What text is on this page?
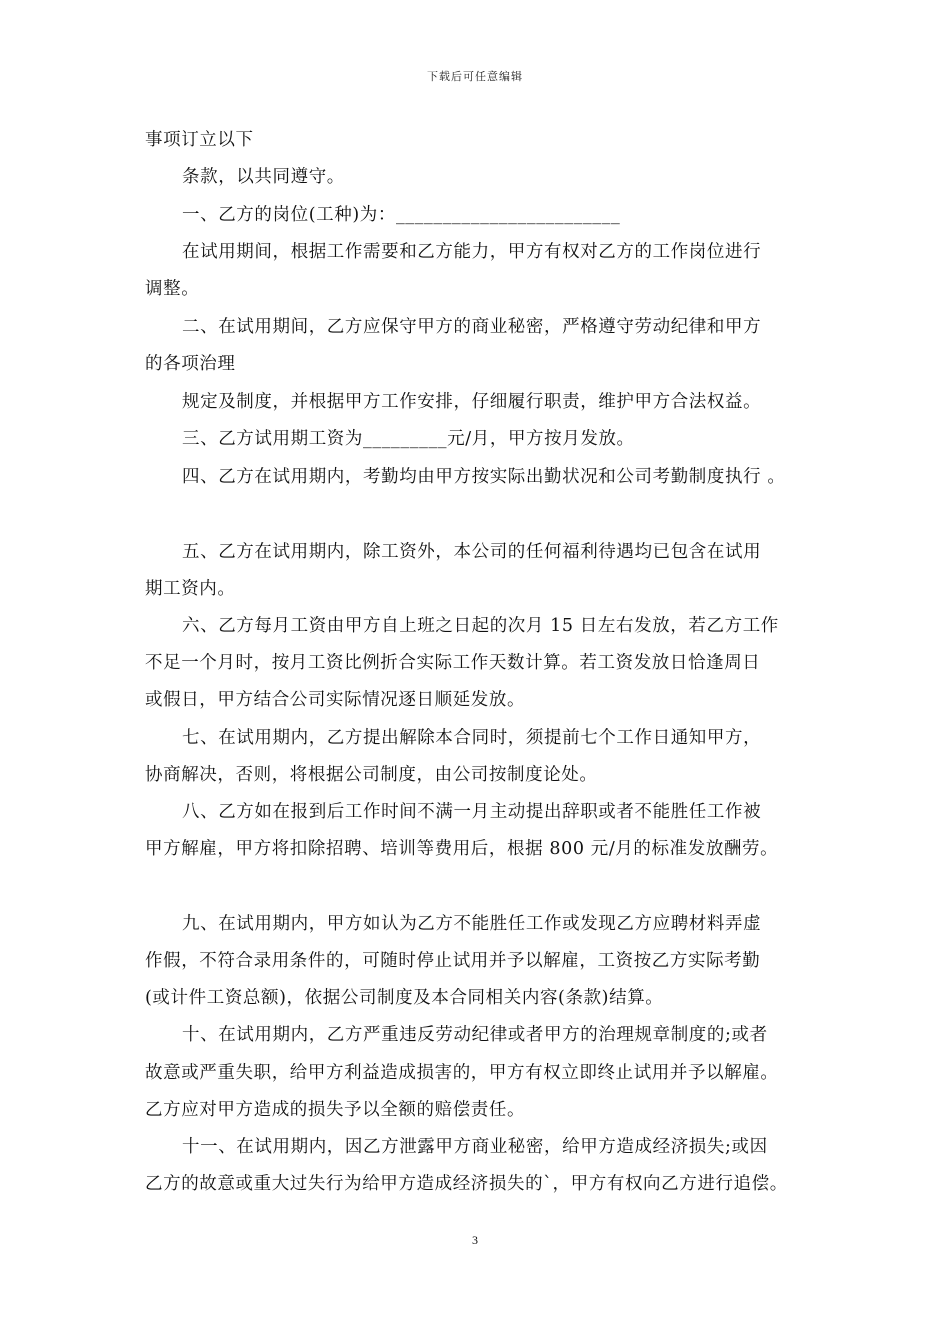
下载后可任意编辑
事项订立以下
条款，以共同遵守。
一、乙方的岗位(工种)为：________________________
在试用期间，根据工作需要和乙方能力，甲方有权对乙方的工作岗位进行
调整。
二、在试用期间，乙方应保守甲方的商业秘密，严格遵守劳动纪律和甲方
的各项治理
规定及制度，并根据甲方工作安排，仔细履行职责，维护甲方合法权益。
三、乙方试用期工资为_________元/月，甲方按月发放。
四、乙方在试用期内，考勤均由甲方按实际出勤状况和公司考勤制度执行 。
五、乙方在试用期内，除工资外，本公司的任何福利待遇均已包含在试用
期工资内。
六、乙方每月工资由甲方自上班之日起的次月 15 日左右发放，若乙方工作
不足一个月时，按月工资比例折合实际工作天数计算。若工资发放日恰逢周日
或假日，甲方结合公司实际情况逐日顺延发放。
七、在试用期内，乙方提出解除本合同时，须提前七个工作日通知甲方，
协商解决，否则，将根据公司制度，由公司按制度论处。
八、乙方如在报到后工作时间不满一月主动提出辞职或者不能胜任工作被
甲方解雇，甲方将扣除招聘、培训等费用后，根据 800 元/月的标准发放酬劳。
九、在试用期内，甲方如认为乙方不能胜任工作或发现乙方应聘材料弄虚
作假，不符合录用条件的，可随时停止试用并予以解雇，工资按乙方实际考勤
(或计件工资总额)，依据公司制度及本合同相关内容(条款)结算。
十、在试用期内，乙方严重违反劳动纪律或者甲方的治理规章制度的;或者
故意或严重失职，给甲方利益造成损害的，甲方有权立即终止试用并予以解雇。
乙方应对甲方造成的损失予以全额的赔偿责任。
十一、在试用期内，因乙方泄露甲方商业秘密，给甲方造成经济损失;或因
乙方的故意或重大过失行为给甲方造成经济损失的`，甲方有权向乙方进行追偿。
3
